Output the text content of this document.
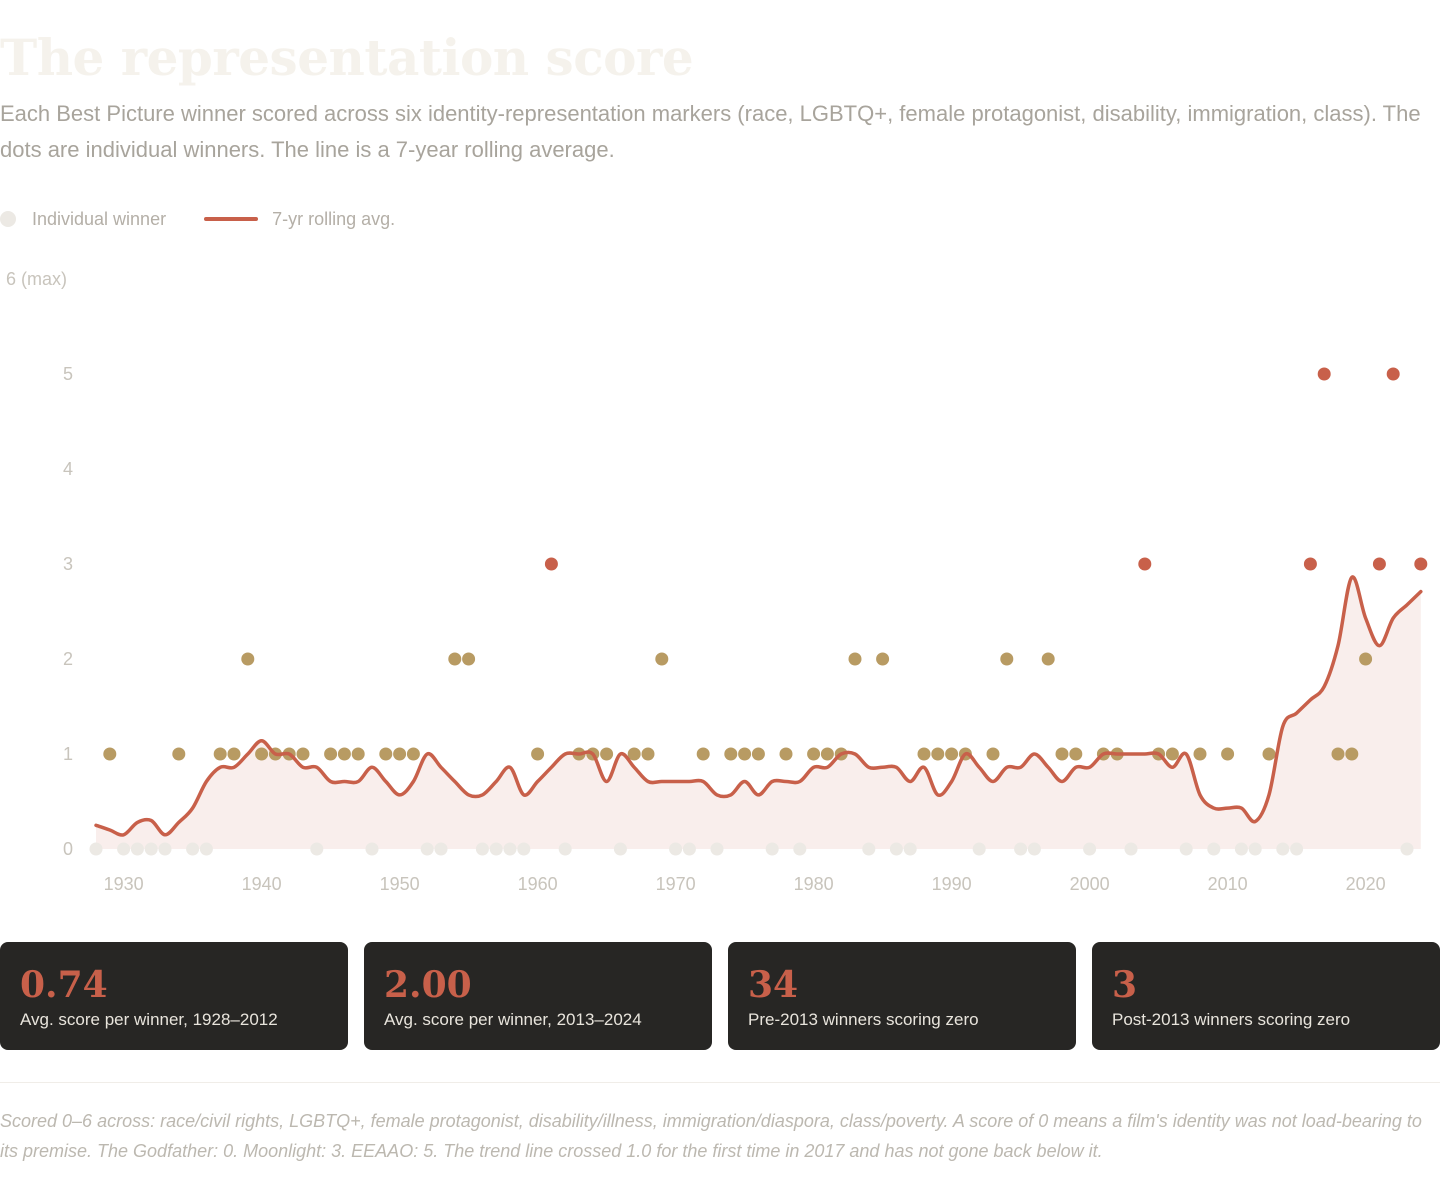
The representation score

Each Best Picture winner scored across six identity-representation markers (race, LGBTQ+, female protagonist, disability, immigration, class). The dots are individual winners. The line is a 7-year rolling average.

Individual winner	7-yr rolling avg.
0
1
2
3
4
5
6 (max)
1930	1940	1950	1960	1970	1980	1990	2000	2010	2020
0.74
Avg. score per winner, 1928–2012
2.00
Avg. score per winner, 2013–2024
34
Pre-2013 winners scoring zero
3
Post-2013 winners scoring zero

Scored 0–6 across: race/civil rights, LGBTQ+, female protagonist, disability/illness, immigration/diaspora, class/poverty. A score of 0 means a film's identity was not load-bearing to its premise. The Godfather: 0. Moonlight: 3. EEAAO: 5. The trend line crossed 1.0 for the first time in 2017 and has not gone back below it.
